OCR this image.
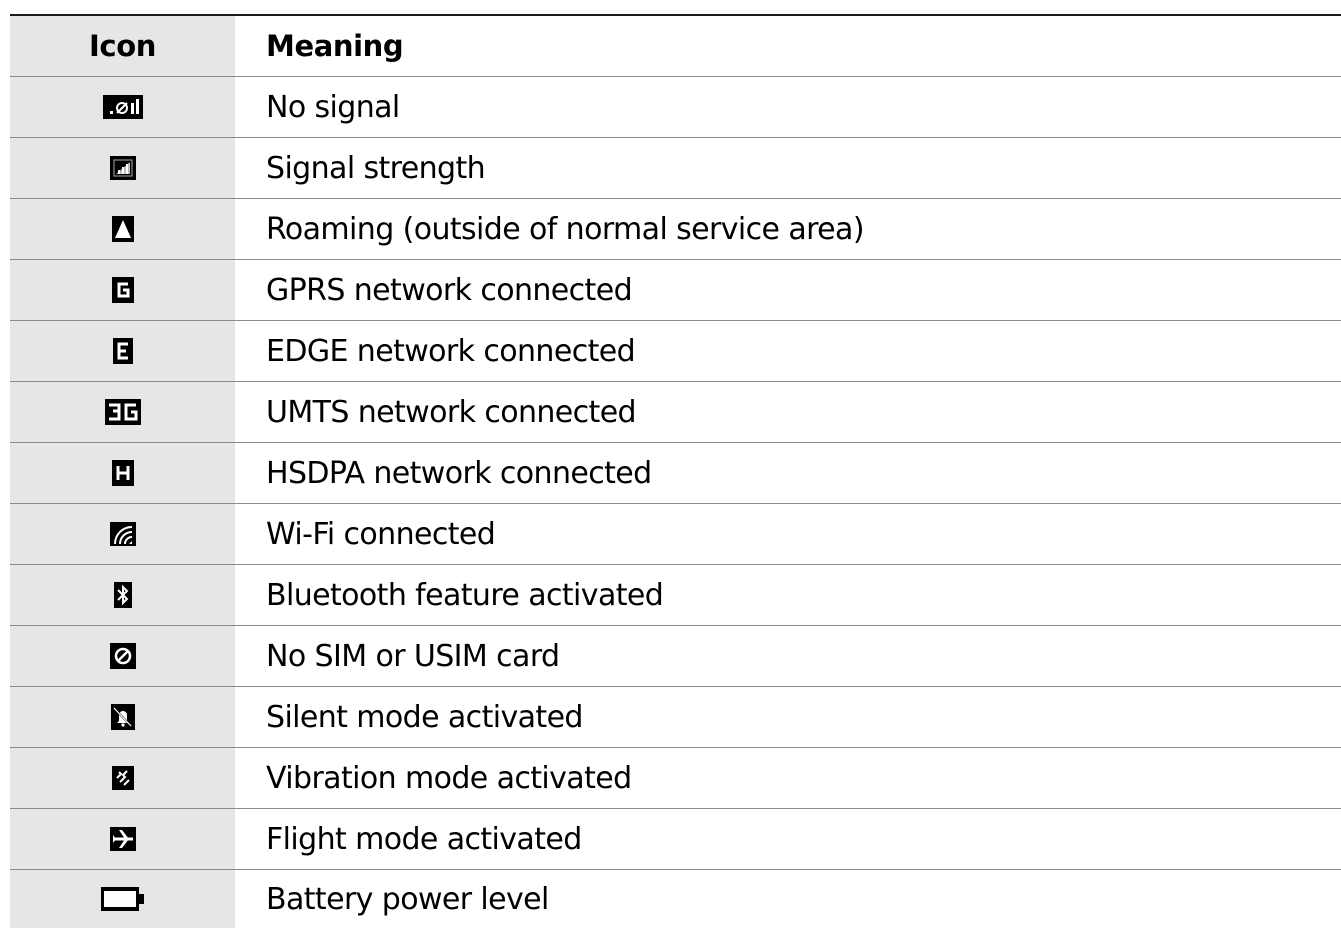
Icon	Meaning
No signal
Signal strength
Roaming (outside of normal service area)
GPRS network connected
EDGE network connected
UMTS network connected
HSDPA network connected
Wi-Fi connected
Bluetooth feature activated
No SIM or USIM card
Silent mode activated
Vibration mode activated
Flight mode activated
Battery power level
